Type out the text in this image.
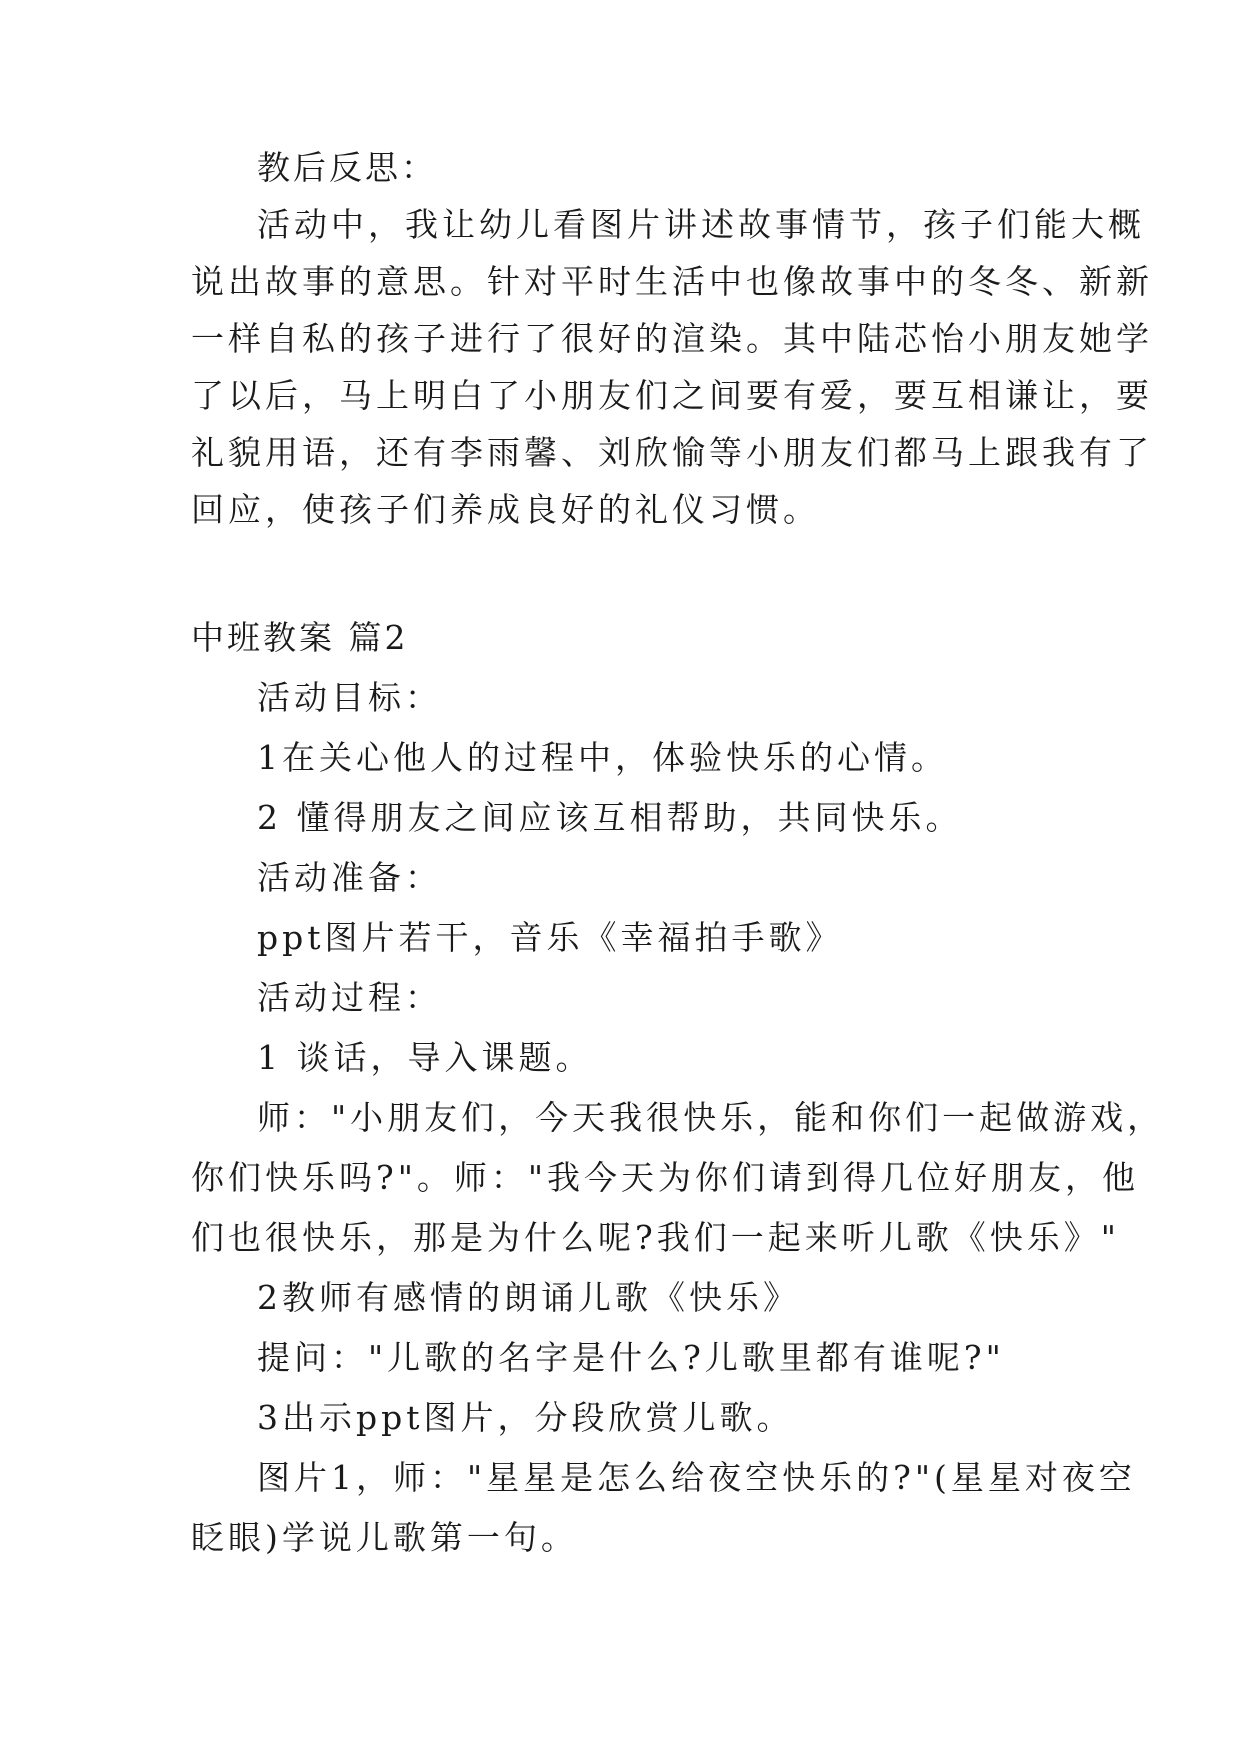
教后反思：

活动中，我让幼儿看图片讲述故事情节，孩子们能大概

说出故事的意思。针对平时生活中也像故事中的冬冬、新新

一样自私的孩子进行了很好的渲染。其中陆芯怡小朋友她学

了以后，马上明白了小朋友们之间要有爱，要互相谦让，要

礼貌用语，还有李雨馨、刘欣愉等小朋友们都马上跟我有了

回应，使孩子们养成良好的礼仪习惯。

中班教案 篇2

活动目标：

1在关心他人的过程中，体验快乐的心情。

2 懂得朋友之间应该互相帮助，共同快乐。

活动准备：

ppt图片若干，音乐《幸福拍手歌》

活动过程：

1 谈话，导入课题。

师："小朋友们，今天我很快乐，能和你们一起做游戏，

你们快乐吗?"。师："我今天为你们请到得几位好朋友，他

们也很快乐，那是为什么呢?我们一起来听儿歌《快乐》"

2教师有感情的朗诵儿歌《快乐》

提问："儿歌的名字是什么?儿歌里都有谁呢?"

3出示ppt图片，分段欣赏儿歌。

图片1，师："星星是怎么给夜空快乐的?"(星星对夜空

眨眼)学说儿歌第一句。
